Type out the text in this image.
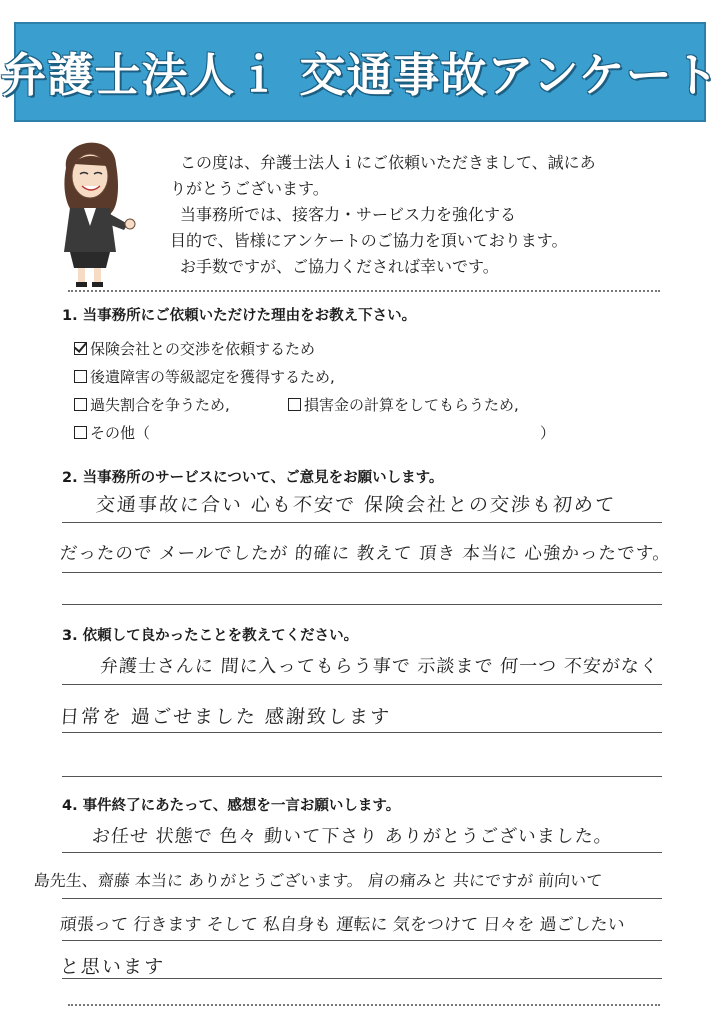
弁護士法人ｉ 交通事故アンケート

この度は、弁護士法人ｉにご依頼いただきまして、誠にあ

りがとうございます。

当事務所では、接客力・サービス力を強化する

目的で、皆様にアンケートのご協力を頂いております。

お手数ですが、ご協力くだされば幸いです。

1. 当事務所にご依頼いただけた理由をお教え下さい。
保険会社との交渉を依頼するため
後遺障害の等級認定を獲得するため,
過失割合を争うため,	損害金の計算をしてもらうため,
その他（	）
2. 当事務所のサービスについて、ご意見をお願いします。
交通事故に合い 心も不安で 保険会社との交渉も初めて
だったので メールでしたが 的確に 教えて 頂き 本当に 心強かったです。
3. 依頼して良かったことを教えてください。
弁護士さんに 間に入ってもらう事で 示談まで 何一つ 不安がなく
日常を 過ごせました 感謝致します
4. 事件終了にあたって、感想を一言お願いします。
お任せ 状態で 色々 動いて下さり ありがとうございました。
島先生、齋藤 本当に ありがとうございます。 肩の痛みと 共にですが 前向いて
頑張って 行きます そして 私自身も 運転に 気をつけて 日々を 過ごしたい
と思います
